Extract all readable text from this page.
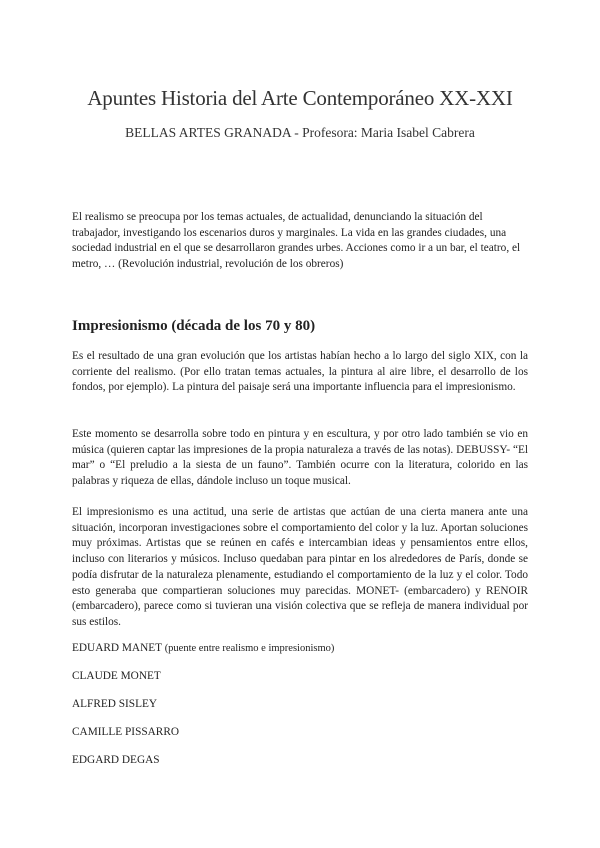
Apuntes Historia del Arte Contemporáneo XX-XXI

BELLAS ARTES GRANADA - Profesora: Maria Isabel Cabrera

El realismo se preocupa por los temas actuales, de actualidad, denunciando la situación del trabajador, investigando los escenarios duros y marginales. La vida en las grandes ciudades, una sociedad industrial en el que se desarrollaron grandes urbes. Acciones como ir a un bar, el teatro, el metro, … (Revolución industrial, revolución de los obreros)

Impresionismo (década de los 70 y 80)

Es el resultado de una gran evolución que los artistas habían hecho a lo largo del siglo XIX, con la corriente del realismo. (Por ello tratan temas actuales, la pintura al aire libre, el desarrollo de los fondos, por ejemplo). La pintura del paisaje será una importante influencia para el impresionismo.

Este momento se desarrolla sobre todo en pintura y en escultura, y por otro lado también se vio en música (quieren captar las impresiones de la propia naturaleza a través de las notas). DEBUSSY- “El mar” o “El preludio a la siesta de un fauno”. También ocurre con la literatura, colorido en las palabras y riqueza de ellas, dándole incluso un toque musical.

El impresionismo es una actitud, una serie de artistas que actúan de una cierta manera ante una situación, incorporan investigaciones sobre el comportamiento del color y la luz. Aportan soluciones muy próximas. Artistas que se reúnen en cafés e intercambian ideas y pensamientos entre ellos, incluso con literarios y músicos. Incluso quedaban para pintar en los alrededores de París, donde se podía disfrutar de la naturaleza plenamente, estudiando el comportamiento de la luz y el color. Todo esto generaba que compartieran soluciones muy parecidas. MONET- (embarcadero) y RENOIR (embarcadero), parece como si tuvieran una visión colectiva que se refleja de manera individual por sus estilos.

EDUARD MANET (puente entre realismo e impresionismo)

CLAUDE MONET

ALFRED SISLEY

CAMILLE PISSARRO

EDGARD DEGAS
